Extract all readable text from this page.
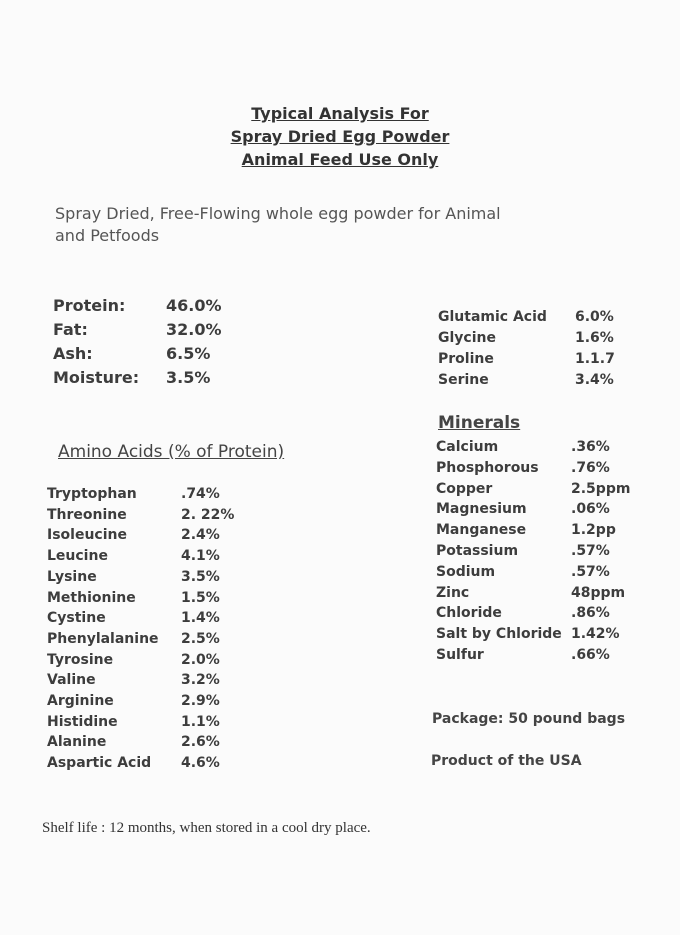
Typical Analysis For
Spray Dried Egg Powder
Animal Feed Use Only
Spray Dried, Free-Flowing whole egg powder for Animal
and Petfoods
Protein:	46.0%
Fat:	32.0%
Ash:	6.5%
Moisture: 3.5%
Amino Acids (% of Protein)
Tryptophan	.74%
Threonine	2. 22%
Isoleucine	2.4%
Leucine	4.1%
Lysine	3.5%
Methionine	1.5%
Cystine	1.4%
Phenylalanine 2.5%
Tyrosine	2.0%
Valine	3.2%
Arginine	2.9%
Histidine	1.1%
Alanine	2.6%
Aspartic Acid 4.6%
Glutamic Acid 6.0%
Glycine	1.6%
Proline	1.1.7
Serine	3.4%
Minerals
Calcium	.36%
Phosphorous .76%
Copper	2.5ppm
Magnesium	.06%
Manganese	1.2pp
Potassium	.57%
Sodium	.57%
Zinc	48ppm
Chloride	.86%
Salt by Chloride 1.42%
Sulfur	.66%
Package: 50 pound bags
Product of the USA
Shelf life : 12 months, when stored in a cool dry place.
